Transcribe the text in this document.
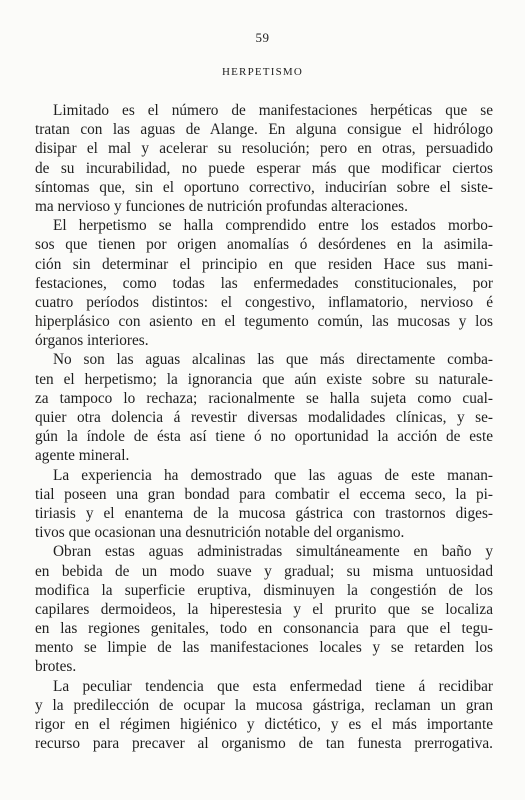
59
HERPETISMO
Limitado es el número de manifestaciones herpéticas que se
tratan con las aguas de Alange. En alguna consigue el hidrólogo
disipar el mal y acelerar su resolución; pero en otras, persuadido
de su incurabilidad, no puede esperar más que modificar ciertos
síntomas que, sin el oportuno correctivo, inducirían sobre el siste-
ma nervioso y funciones de nutrición profundas alteraciones.
El herpetismo se halla comprendido entre los estados morbo-
sos que tienen por origen anomalías ó desórdenes en la asimila-
ción sin determinar el principio en que residen Hace sus mani-
festaciones, como todas las enfermedades constitucionales, por
cuatro períodos distintos: el congestivo, inflamatorio, nervioso é
hiperplásico con asiento en el tegumento común, las mucosas y los
órganos interiores.
No son las aguas alcalinas las que más directamente comba-
ten el herpetismo; la ignorancia que aún existe sobre su naturale-
za tampoco lo rechaza; racionalmente se halla sujeta como cual-
quier otra dolencia á revestir diversas modalidades clínicas, y se-
gún la índole de ésta así tiene ó no oportunidad la acción de este
agente mineral.
La experiencia ha demostrado que las aguas de este manan-
tial poseen una gran bondad para combatir el eccema seco, la pi-
tiriasis y el enantema de la mucosa gástrica con trastornos diges-
tivos que ocasionan una desnutrición notable del organismo.
Obran estas aguas administradas simultáneamente en baño y
en bebida de un modo suave y gradual; su misma untuosidad
modifica la superficie eruptiva, disminuyen la congestión de los
capilares dermoideos, la hiperestesia y el prurito que se localiza
en las regiones genitales, todo en consonancia para que el tegu-
mento se limpie de las manifestaciones locales y se retarden los
brotes.
La peculiar tendencia que esta enfermedad tiene á recidibar
y la predilección de ocupar la mucosa gástriga, reclaman un gran
rigor en el régimen higiénico y dictético, y es el más importante
recurso para precaver al organismo de tan funesta prerrogativa.
